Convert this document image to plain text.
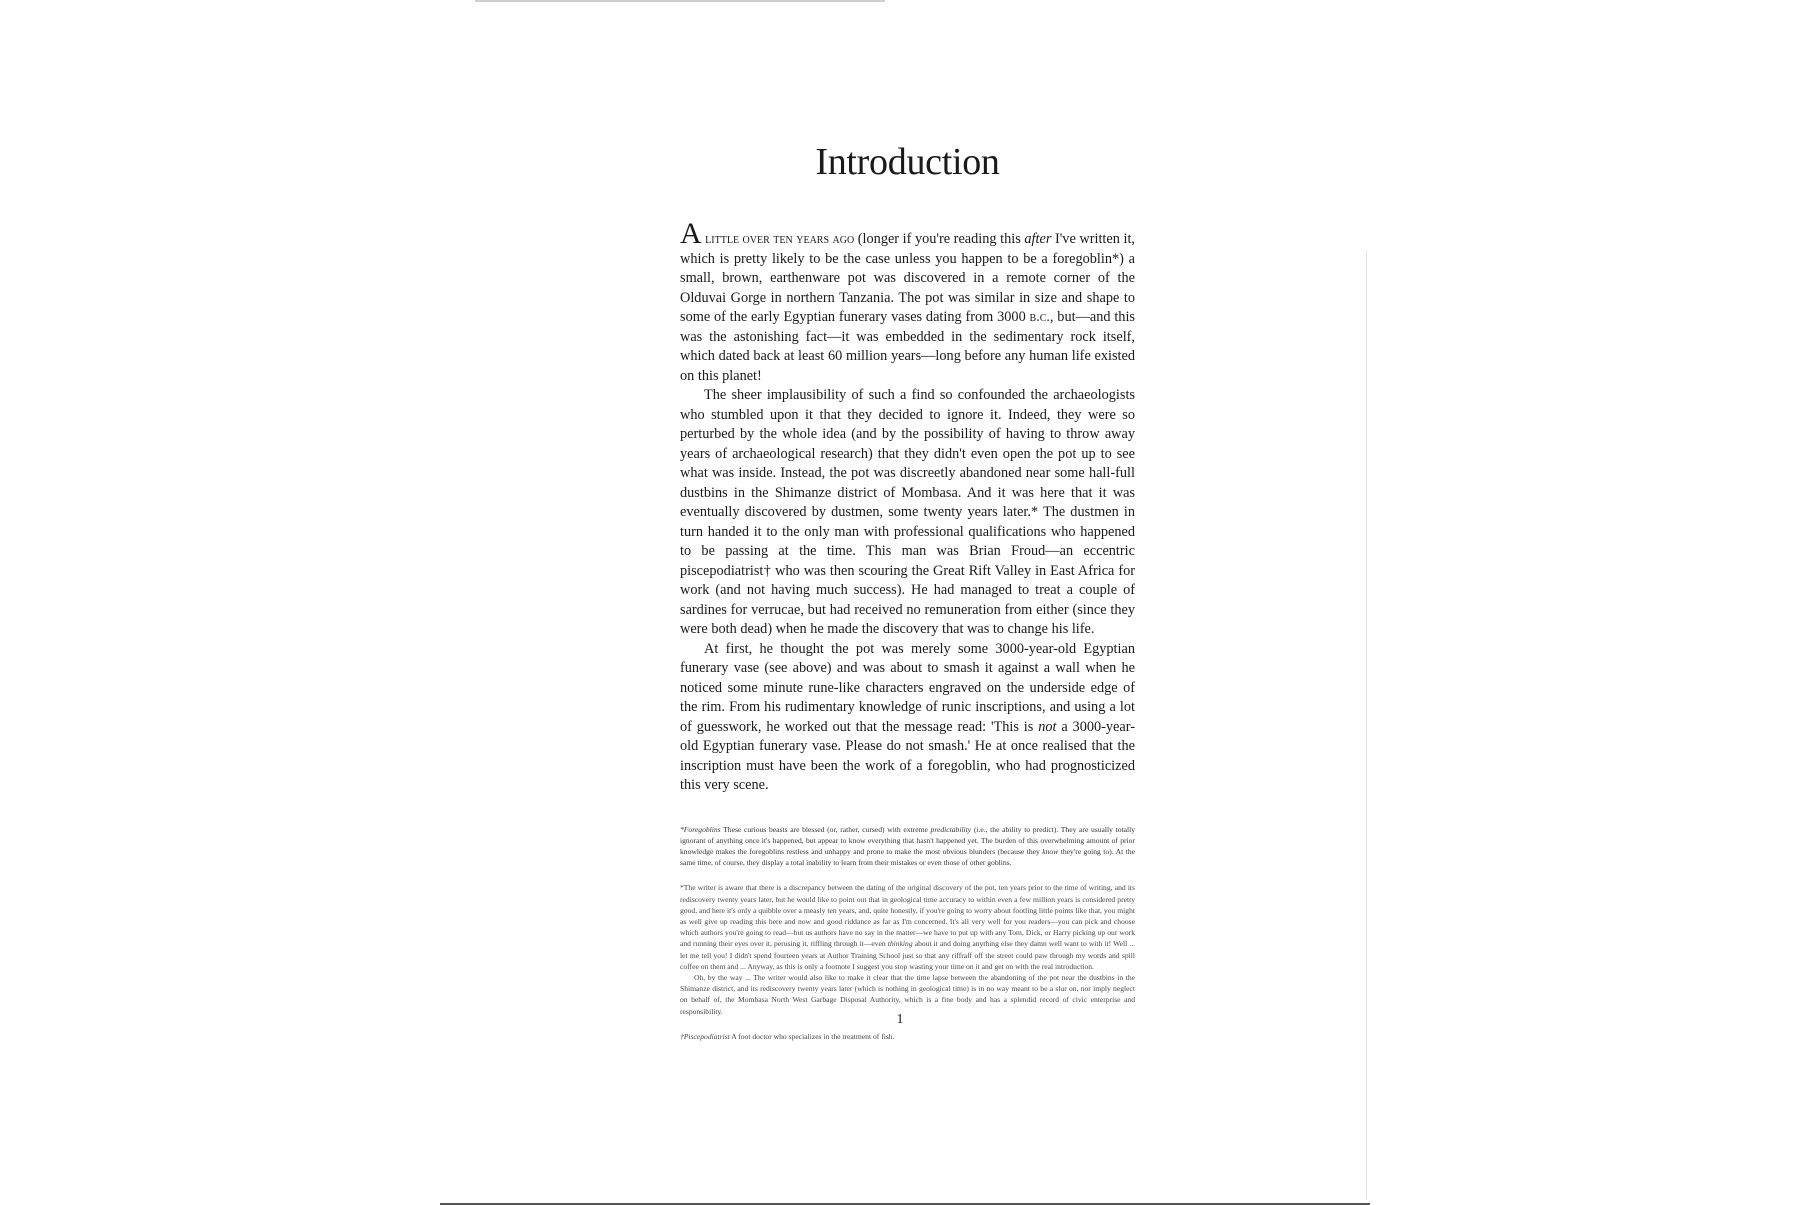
Introduction

A little over ten years ago (longer if you're reading this after I've written it, which is pretty likely to be the case unless you happen to be a foregoblin*) a small, brown, earthenware pot was discovered in a remote corner of the Olduvai Gorge in northern Tanzania. The pot was similar in size and shape to some of the early Egyptian funerary vases dating from 3000 b.c., but—and this was the astonishing fact—it was embedded in the sedimentary rock itself, which dated back at least 60 million years—long before any human life existed on this planet!

The sheer implausibility of such a find so confounded the archaeologists who stumbled upon it that they decided to ignore it. Indeed, they were so perturbed by the whole idea (and by the possibility of having to throw away years of archaeological research) that they didn't even open the pot up to see what was inside. Instead, the pot was discreetly abandoned near some hall-full dustbins in the Shimanze district of Mombasa. And it was here that it was eventually discovered by dustmen, some twenty years later.* The dustmen in turn handed it to the only man with professional qualifications who happened to be passing at the time. This man was Brian Froud—an eccentric piscepodiatrist† who was then scouring the Great Rift Valley in East Africa for work (and not having much success). He had managed to treat a couple of sardines for verrucae, but had received no remuneration from either (since they were both dead) when he made the discovery that was to change his life.

At first, he thought the pot was merely some 3000-year-old Egyptian funerary vase (see above) and was about to smash it against a wall when he noticed some minute rune-like characters engraved on the underside edge of the rim. From his rudimentary knowledge of runic inscriptions, and using a lot of guesswork, he worked out that the message read: 'This is not a 3000-year-old Egyptian funerary vase. Please do not smash.' He at once realised that the inscription must have been the work of a foregoblin, who had prognosticized this very scene.

*Foregoblins These curious beasts are blessed (or, rather, cursed) with extreme predictability (i.e., the ability to predict). They are usually totally ignorant of anything once it's happened, but appear to know everything that hasn't happened yet. The burden of this overwhelming amount of prior knowledge makes the foregoblins restless and unhappy and prone to make the most obvious blunders (because they know they're going to). At the same time, of course, they display a total inability to learn from their mistakes or even those of other goblins.

*The writer is aware that there is a discrepancy between the dating of the original discovery of the pot, ten years prior to the time of writing, and its rediscovery twenty years later, but he would like to point out that in geological time accuracy to within even a few million years is considered pretty good, and here it's only a quibble over a measly ten years, and, quite honestly, if you're going to worry about footling little points like that, you might as well give up reading this here and now and good riddance as far as I'm concerned. It's all very well for you readers—you can pick and choose which authors you're going to read—but us authors have no say in the matter—we have to put up with any Tom, Dick, or Harry picking up our work and running their eyes over it, perusing it, riffling through it—even thinking about it and doing anything else they damn well want to with it! Well ... let me tell you! I didn't spend fourteen years at Author Training School just so that any riffraff off the street could paw through my words and spill coffee on them and ... Anyway, as this is only a footnote I suggest you stop wasting your time on it and get on with the real introduction.

Oh, by the way ... The writer would also like to make it clear that the time lapse between the abandoning of the pot near the dustbins in the Shimanze district, and its rediscovery twenty years later (which is nothing in geological time) is in no way meant to be a slur on, nor imply neglect on behalf of, the Mombasa North West Garbage Disposal Authority, which is a fine body and has a splendid record of civic enterprise and responsibility.

†Piscepodiatrist A foot doctor who specializes in the treatment of fish.
1
